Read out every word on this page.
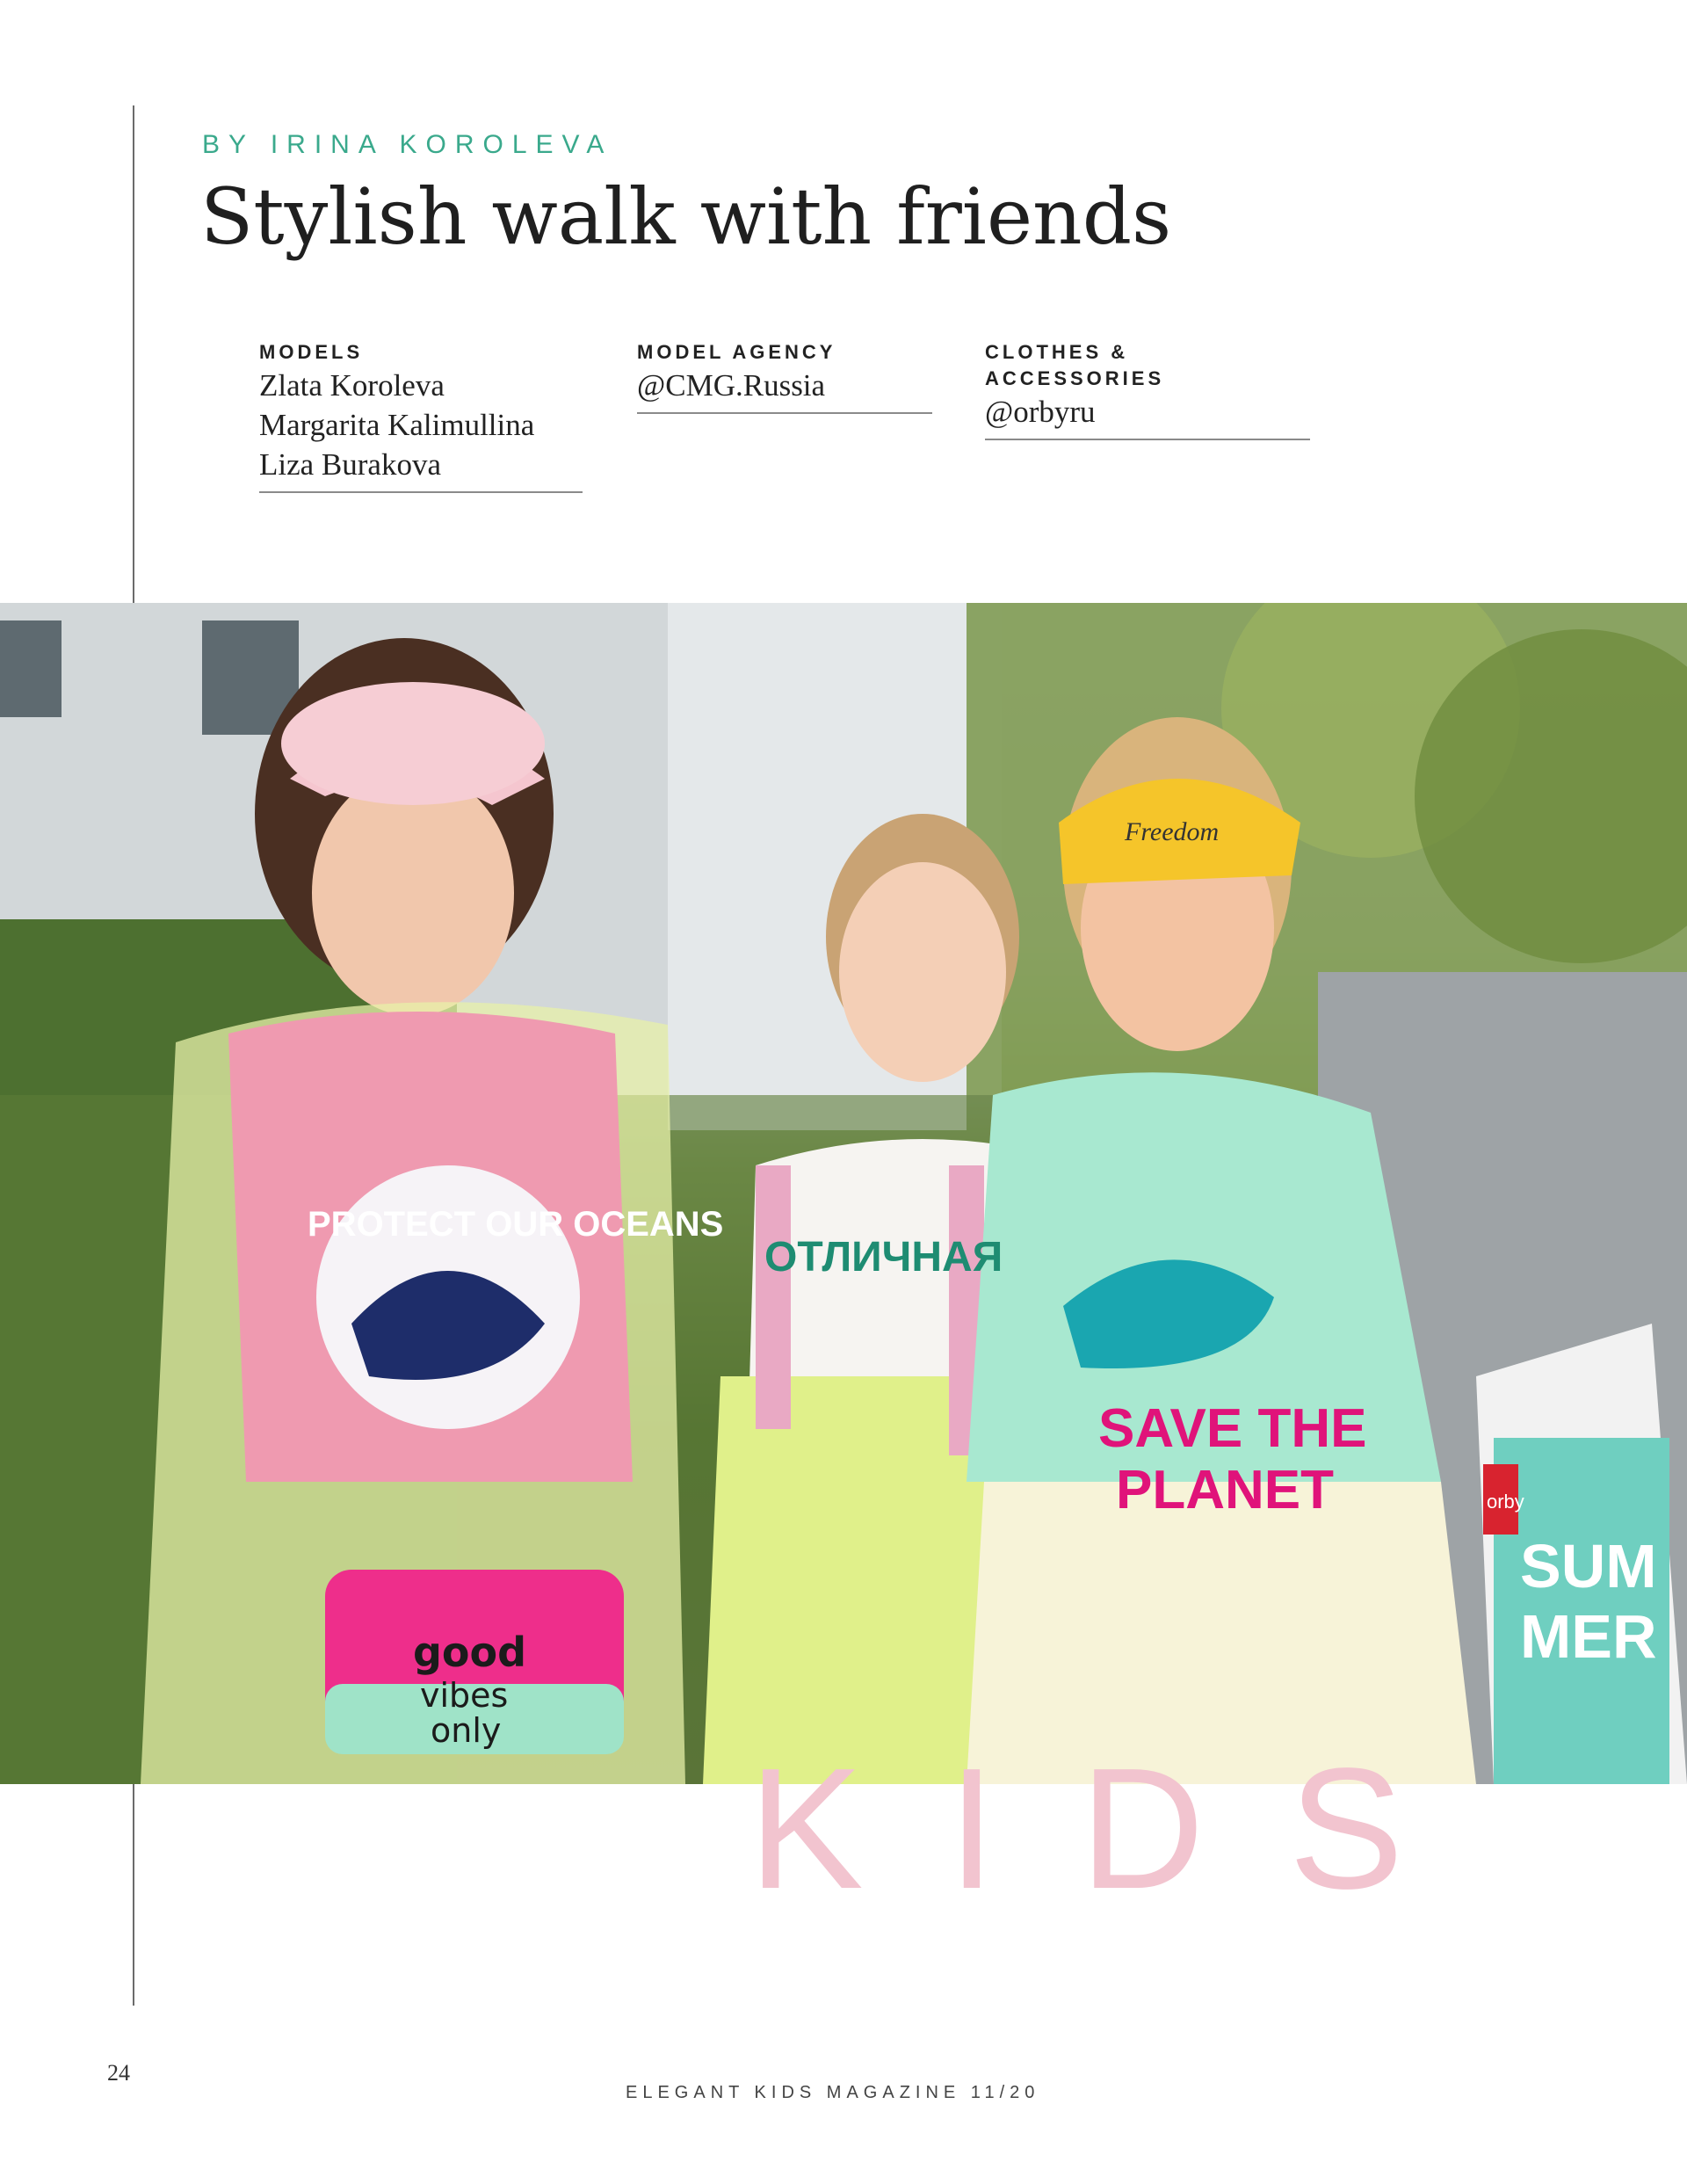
BY IRINA KOROLEVA
Stylish walk with friends
MODELS
Zlata Koroleva
Margarita Kalimullina
Liza Burakova
MODEL AGENCY
@CMG.Russia
CLOTHES & ACCESSORIES
@orbyru
PROTECT OUR OCEANS
ОТЛИЧНАЯ
SAVE THE
PLANET
Freedom
good
vibes
only
orby
SUM
MER
KIDS
24
ELEGANT KIDS MAGAZINE 11/20
